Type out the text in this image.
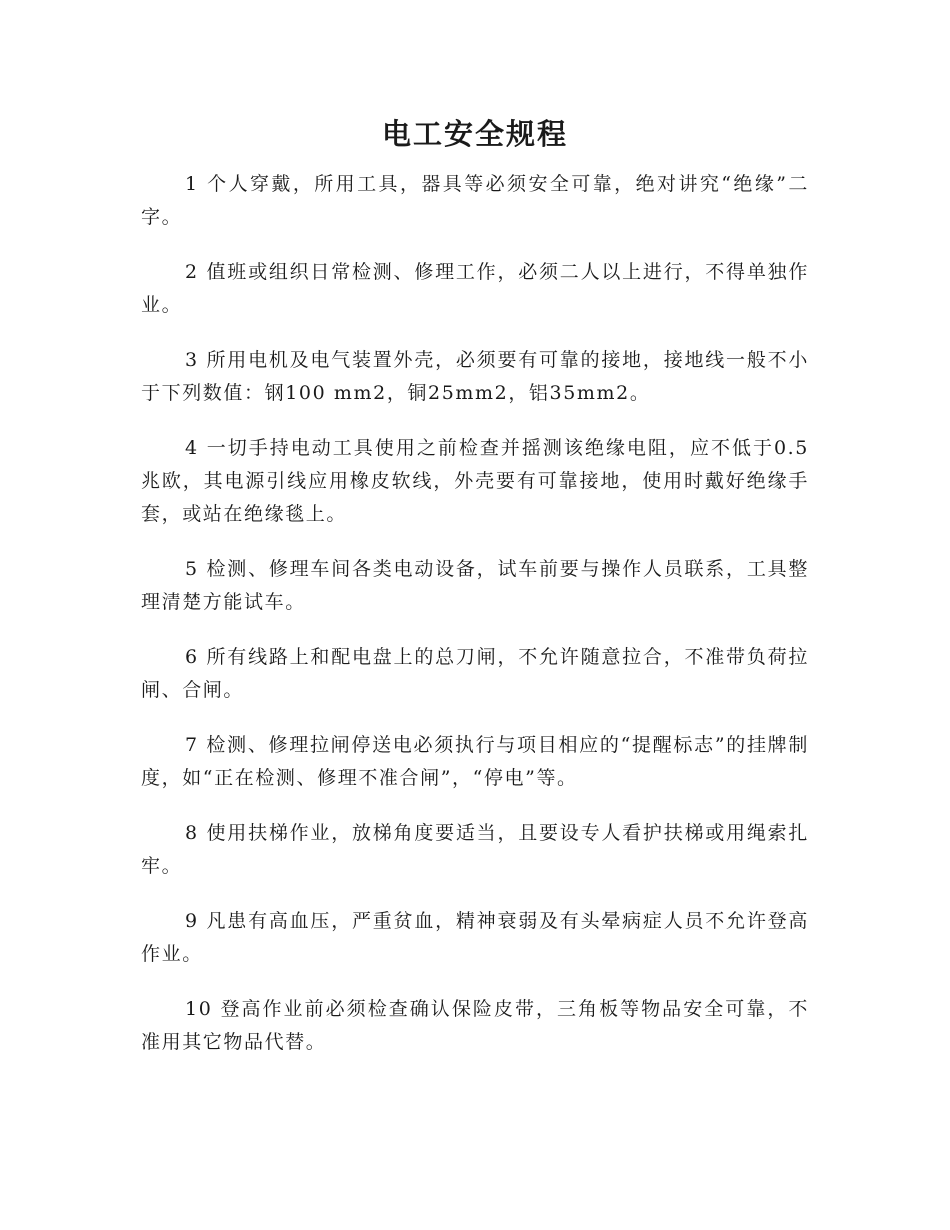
电工安全规程
1 个人穿戴，所用工具，器具等必须安全可靠，绝对讲究“绝缘”二字。
2 值班或组织日常检测、修理工作，必须二人以上进行，不得单独作业。
3 所用电机及电气装置外壳，必须要有可靠的接地，接地线一般不小于下列数值：钢100 mm2，铜25mm2，铝35mm2。
4 一切手持电动工具使用之前检查并摇测该绝缘电阻，应不低于0.5兆欧，其电源引线应用橡皮软线，外壳要有可靠接地，使用时戴好绝缘手套，或站在绝缘毯上。
5 检测、修理车间各类电动设备，试车前要与操作人员联系，工具整理清楚方能试车。
6 所有线路上和配电盘上的总刀闸，不允许随意拉合，不准带负荷拉闸、合闸。
7 检测、修理拉闸停送电必须执行与项目相应的“提醒标志”的挂牌制度，如“正在检测、修理不准合闸”，“停电”等。
8 使用扶梯作业，放梯角度要适当，且要设专人看护扶梯或用绳索扎牢。
9 凡患有高血压，严重贫血，精神衰弱及有头晕病症人员不允许登高作业。
10 登高作业前必须检查确认保险皮带，三角板等物品安全可靠，不准用其它物品代替。
